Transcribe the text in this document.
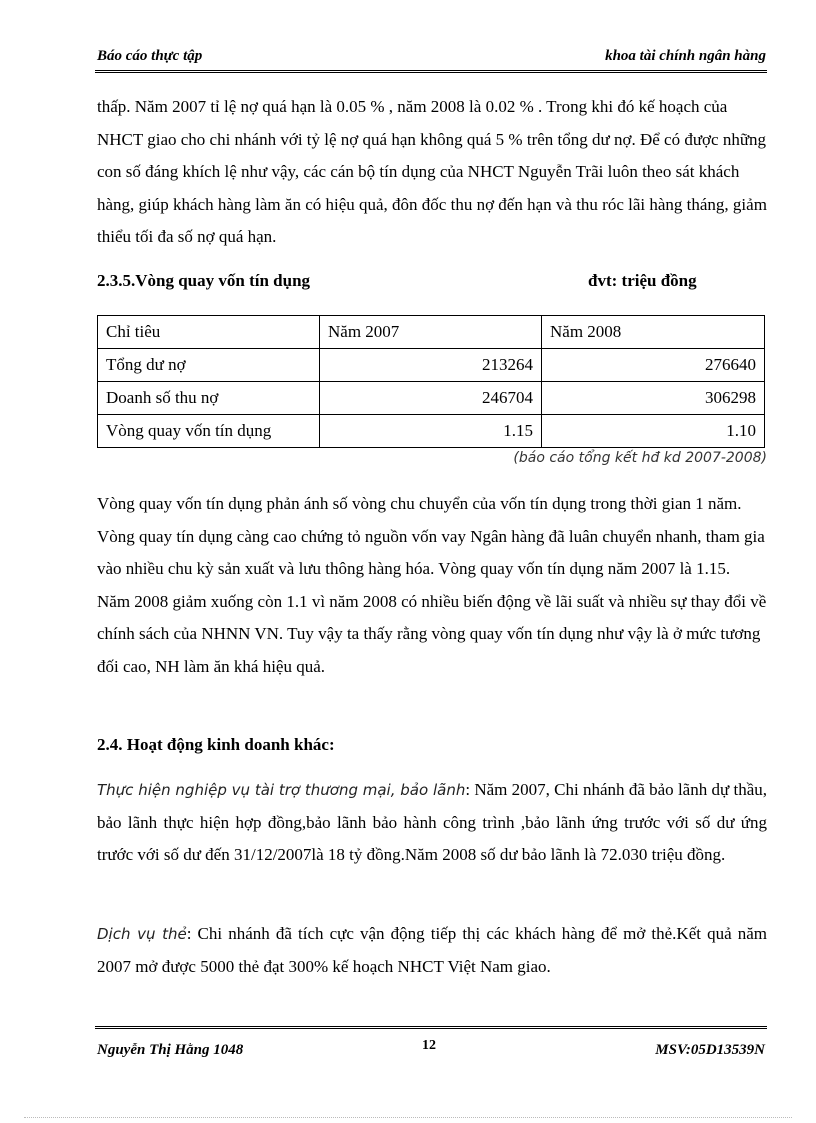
Báo cáo thực tập	khoa tài chính ngân hàng

thấp. Năm 2007 tỉ lệ nợ quá hạn là 0.05 % , năm 2008 là 0.02 % . Trong khi đó kế hoạch của NHCT giao cho chi nhánh với tỷ lệ nợ quá hạn không quá 5 % trên tổng dư nợ. Để có được những con số đáng khích lệ như vậy, các cán bộ tín dụng của NHCT Nguyễn Trãi luôn theo sát khách hàng, giúp khách hàng làm ăn có hiệu quả, đôn đốc thu nợ đến hạn và thu róc lãi hàng tháng, giảm thiểu tối đa số nợ quá hạn.

2.3.5.Vòng quay vốn tín dụng	đvt: triệu đồng
Chỉ tiêu	Năm 2007	Năm 2008
Tổng dư nợ	213264	276640
Doanh số thu nợ	246704	306298
Vòng quay vốn tín dụng	1.15	1.10
(báo cáo tổng kết hđ kd 2007-2008)

Vòng quay vốn tín dụng phản ánh số vòng chu chuyển của vốn tín dụng trong thời gian 1 năm. Vòng quay tín dụng càng cao chứng tỏ nguồn vốn vay Ngân hàng đã luân chuyển nhanh, tham gia vào nhiều chu kỳ sản xuất và lưu thông hàng hóa. Vòng quay vốn tín dụng năm 2007 là 1.15. Năm 2008 giảm xuống còn 1.1 vì năm 2008 có nhiều biến động về lãi suất và nhiều sự thay đổi về chính sách của NHNN VN. Tuy vậy ta thấy rằng vòng quay vốn tín dụng như vậy là ở mức tương đối cao, NH làm ăn khá hiệu quả.

2.4. Hoạt động kinh doanh khác:

Thực hiện nghiệp vụ tài trợ thương mại, bảo lãnh: Năm 2007, Chi nhánh đã bảo lãnh dự thầu, bảo lãnh thực hiện hợp đồng,bảo lãnh bảo hành công trình ,bảo lãnh ứng trước với số dư ứng trước với số dư đến 31/12/2007là 18 tỷ đồng.Năm 2008 số dư bảo lãnh là 72.030 triệu đồng.

Dịch vụ thẻ: Chi nhánh đã tích cực vận động tiếp thị các khách hàng để mở thẻ.Kết quả năm 2007 mở được 5000 thẻ đạt 300% kế hoạch NHCT Việt Nam giao.

Nguyễn Thị Hằng 1048	12	MSV:05D13539N
